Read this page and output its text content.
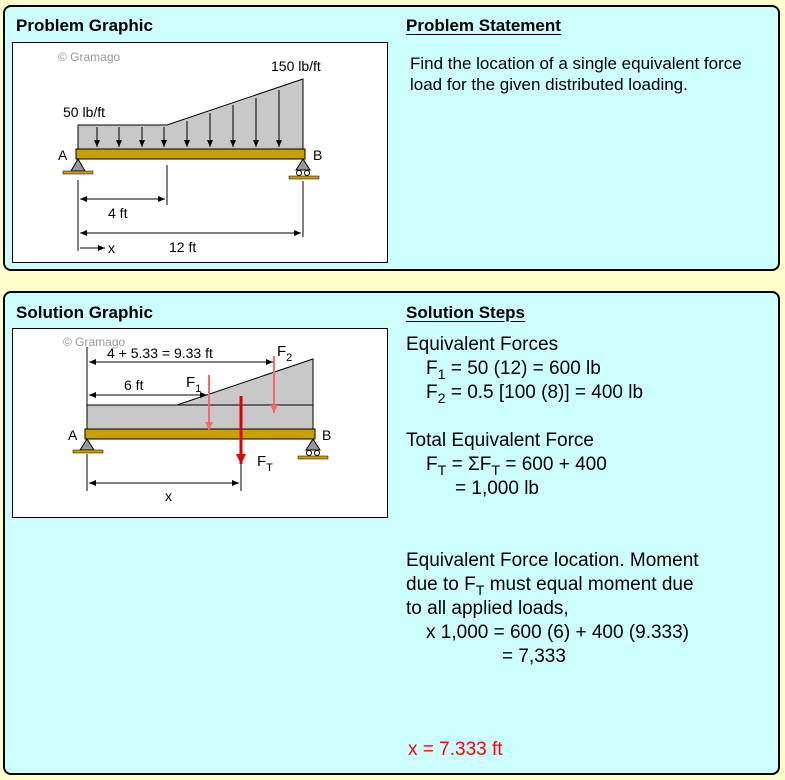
Problem Graphic	Problem Statement
© Gramago
50 lb/ft
150 lb/ft
A	B
4 ft
12 ft
x
Find the location of a single equivalent force load for the given distributed loading.
Solution Graphic	Solution Steps
© Gramago
A	B
4 + 5.33 = 9.33 ft
6 ft
x
$F_1$
$F_2$
$F_T$
Equivalent Forces
$F_1 = 50$ (12) = 600 lb
$F_2 = 0.5$ [100 (8)] = 400 lb
Total Equivalent Force
$F_T = \Sigma F_T = 600 + 400$
= 1,000 lb
Equivalent Force location. Moment
due to $F_T$ must equal moment due
to all applied loads,
x 1,000 = 600 (6) + 400 (9.333)
= 7,333
x = 7.333 ft
